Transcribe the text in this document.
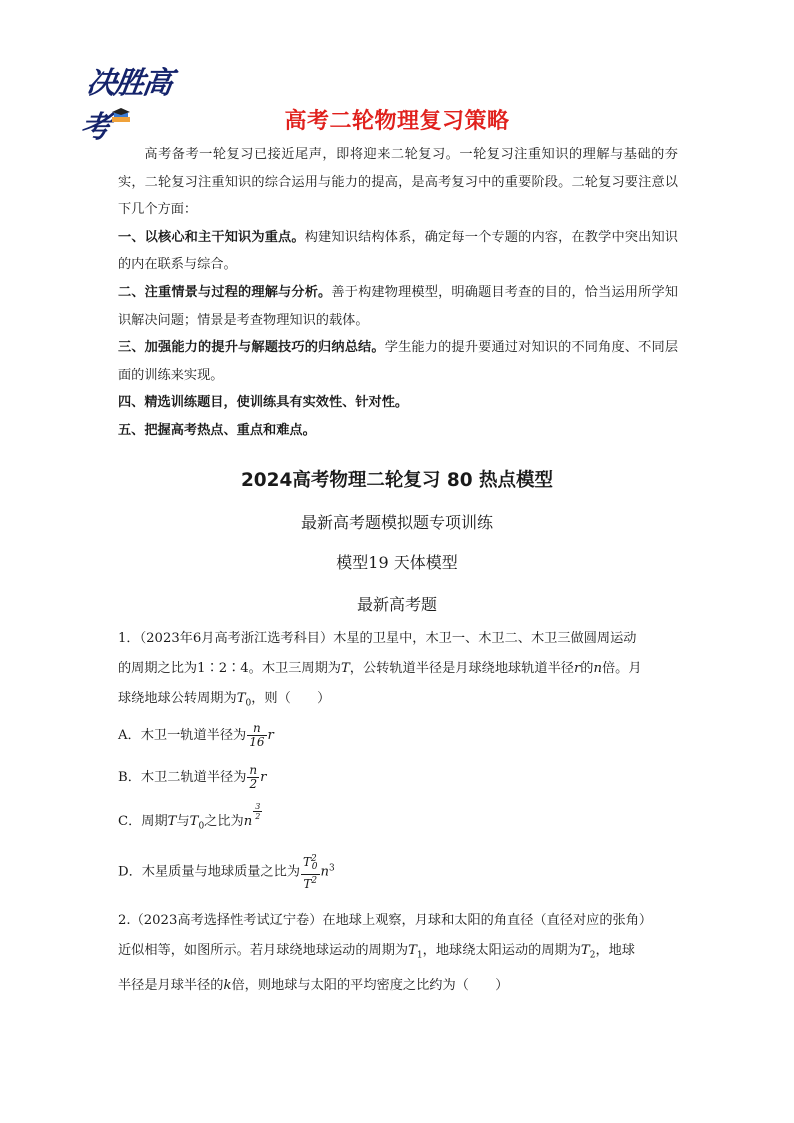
决胜高考	高考二轮物理复习策略

高考备考一轮复习已接近尾声，即将迎来二轮复习。一轮复习注重知识的理解与基础的夯实，二轮复习注重知识的综合运用与能力的提高，是高考复习中的重要阶段。二轮复习要注意以下几个方面：

一、以核心和主干知识为重点。构建知识结构体系，确定每一个专题的内容，在教学中突出知识的内在联系与综合。

二、注重情景与过程的理解与分析。善于构建物理模型，明确题目考查的目的，恰当运用所学知识解决问题；情景是考查物理知识的载体。

三、加强能力的提升与解题技巧的归纳总结。学生能力的提升要通过对知识的不同角度、不同层面的训练来实现。

四、精选训练题目，使训练具有实效性、针对性。

五、把握高考热点、重点和难点。

2024高考物理二轮复习 80 热点模型
最新高考题模拟题专项训练
模型19 天体模型
最新高考题
1．（2023年6月高考浙江选考科目）木星的卫星中，木卫一、木卫二、木卫三做圆周运动
的周期之比为1∶2∶4。木卫三周期为T，公转轨道半径是月球绕地球轨道半径r的n倍。月
球绕地球公转周期为$T_0$，则（　　）
A．木卫一轨道半径为 $\frac{n}{16}$ r
B．木卫二轨道半径为 $\frac{n}{2}$ r
C．周期T与$T_0$之比为n
$\frac{3}{2}$
D．木星质量与地球质量之比为 $\frac{T^2_0}{T^2} n^3$
2.（2023高考选择性考试辽宁卷）在地球上观察，月球和太阳的角直径（直径对应的张角）
近似相等，如图所示。若月球绕地球运动的周期为$T_1$，地球绕太阳运动的周期为$T_2$，地球
半径是月球半径的k倍，则地球与太阳的平均密度之比约为（　　）
